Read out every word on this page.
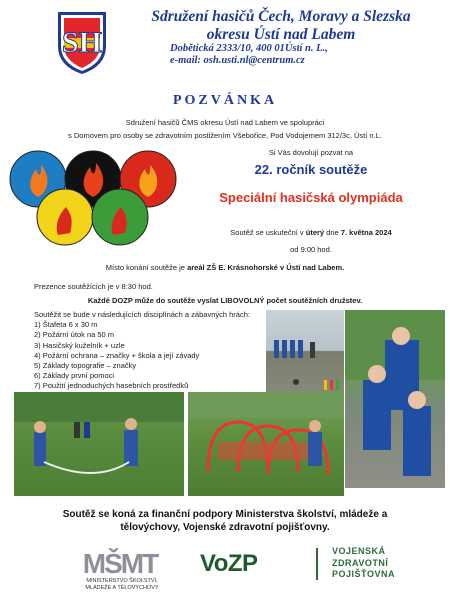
SH
Sdružení hasičů Čech, Moravy a Slezska
okresu Ústí nad Labem
Dobětická 2333/10, 400 01Ústí n. L.,
e-mail: osh.usti.nl@centrum.cz
POZVÁNKA
Sdružení hasičů ČMS okresu Ústí nad Labem ve spolupráci
s Domovem pro osoby se zdravotním postižením Všebořice, Pod Vodojemem 312/3c, Ústí n.L.
Si Vás dovolují pozvat na
22. ročník soutěže
Speciální hasičská olympiáda
Soutěž se uskuteční v úterý dne 7. května 2024
od 9:00 hod.
Místo konání soutěže je areál ZŠ E. Krásnohorské v Ústí nad Labem.
Prezence soutěžících je v 8:30 hod.
Každé DOZP může do soutěže vyslat LIBOVOLNÝ počet soutěžních družstev.
Soutěžit se bude v následujících disciplínách a zábavných hrách:
1) Štafeta 6 x 30 m
2) Požární útok na 50 m
3) Hasičský kuželník + uzle
4) Požární ochrana – značky + škola a její závady
5) Základy topografie – značky
6) Základy první pomoci
7) Použití jednoduchých hasebních prostředků
Soutěž se koná za finanční podpory Ministerstva školství, mládeže a
tělovýchovy, Vojenské zdravotní pojišťovny.
MŠMT
MINISTERSTVO ŠKOLSTVÍ,
MLÁDEŽE A TĚLOVÝCHOVY
VoZP	VOJENSKÁ
ZDRAVOTNÍ
POJIŠŤOVNA
